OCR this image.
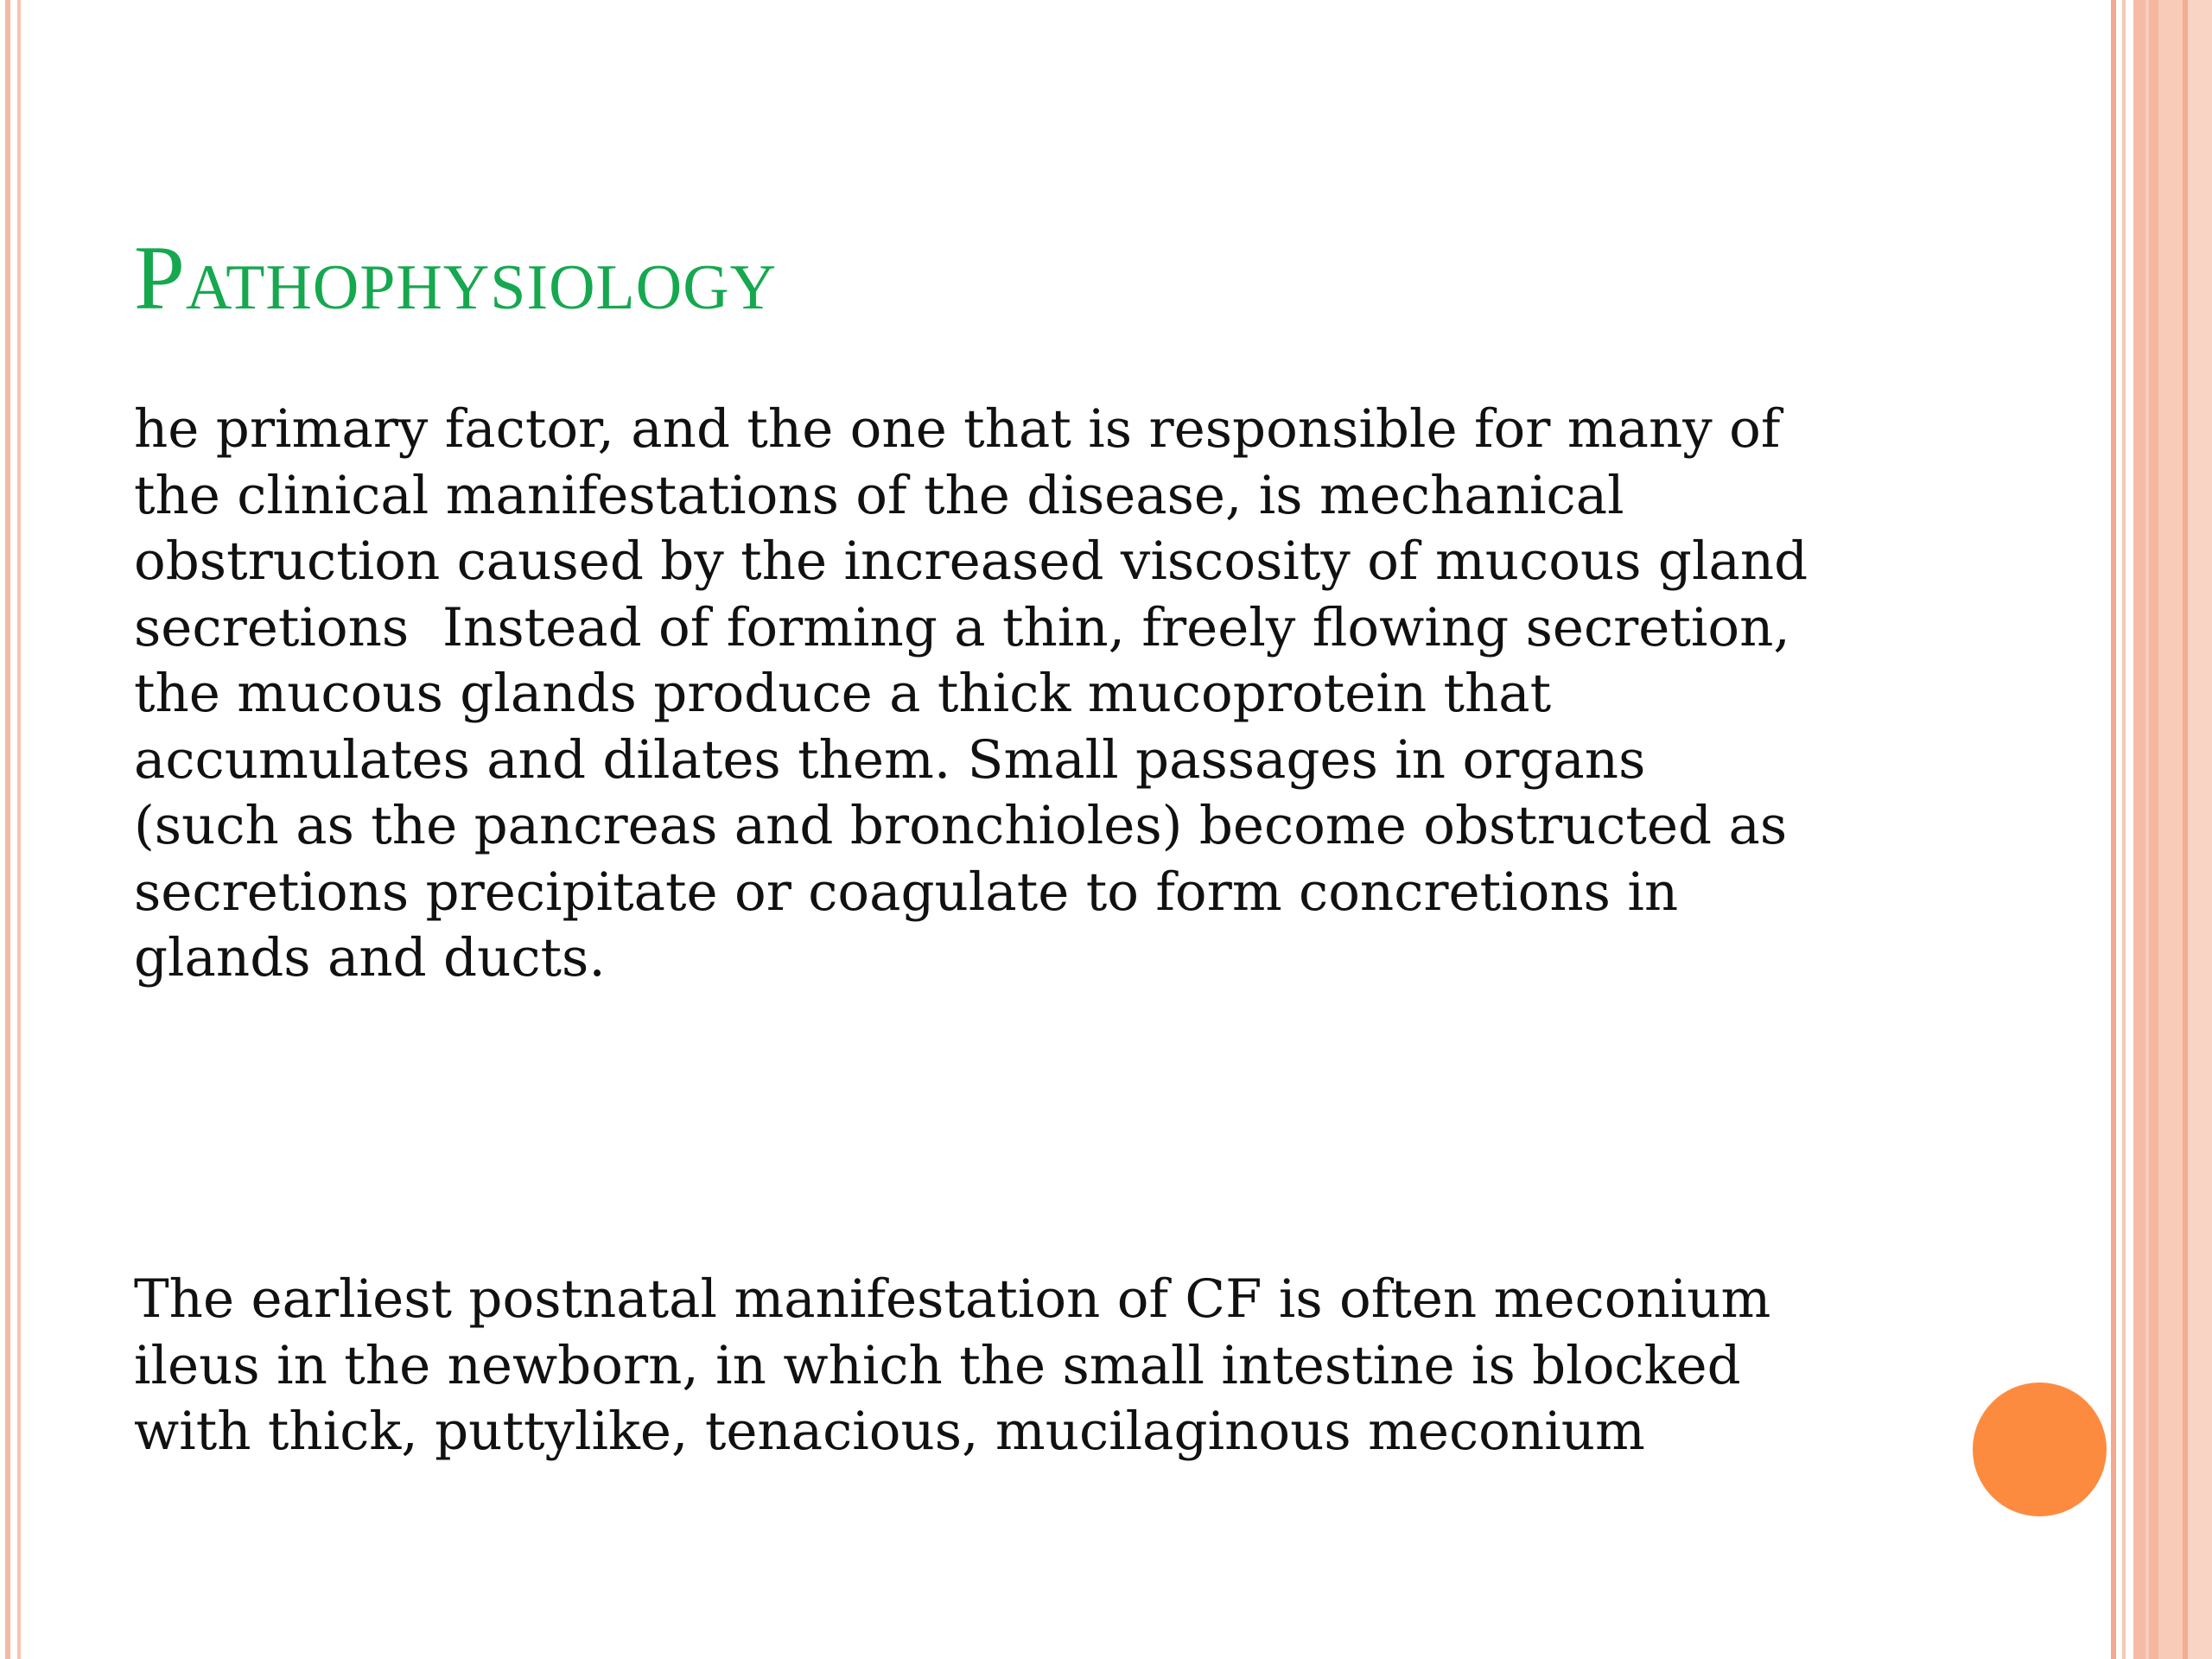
Pathophysiology
he primary factor, and the one that is responsible for many of
the clinical manifestations of the disease, is mechanical
obstruction caused by the increased viscosity of mucous gland
secretions  Instead of forming a thin, freely flowing secretion,
the mucous glands produce a thick mucoprotein that
accumulates and dilates them. Small passages in organs
(such as the pancreas and bronchioles) become obstructed as
secretions precipitate or coagulate to form concretions in
glands and ducts.
The earliest postnatal manifestation of CF is often meconium
ileus in the newborn, in which the small intestine is blocked
with thick, puttylike, tenacious, mucilaginous meconium
